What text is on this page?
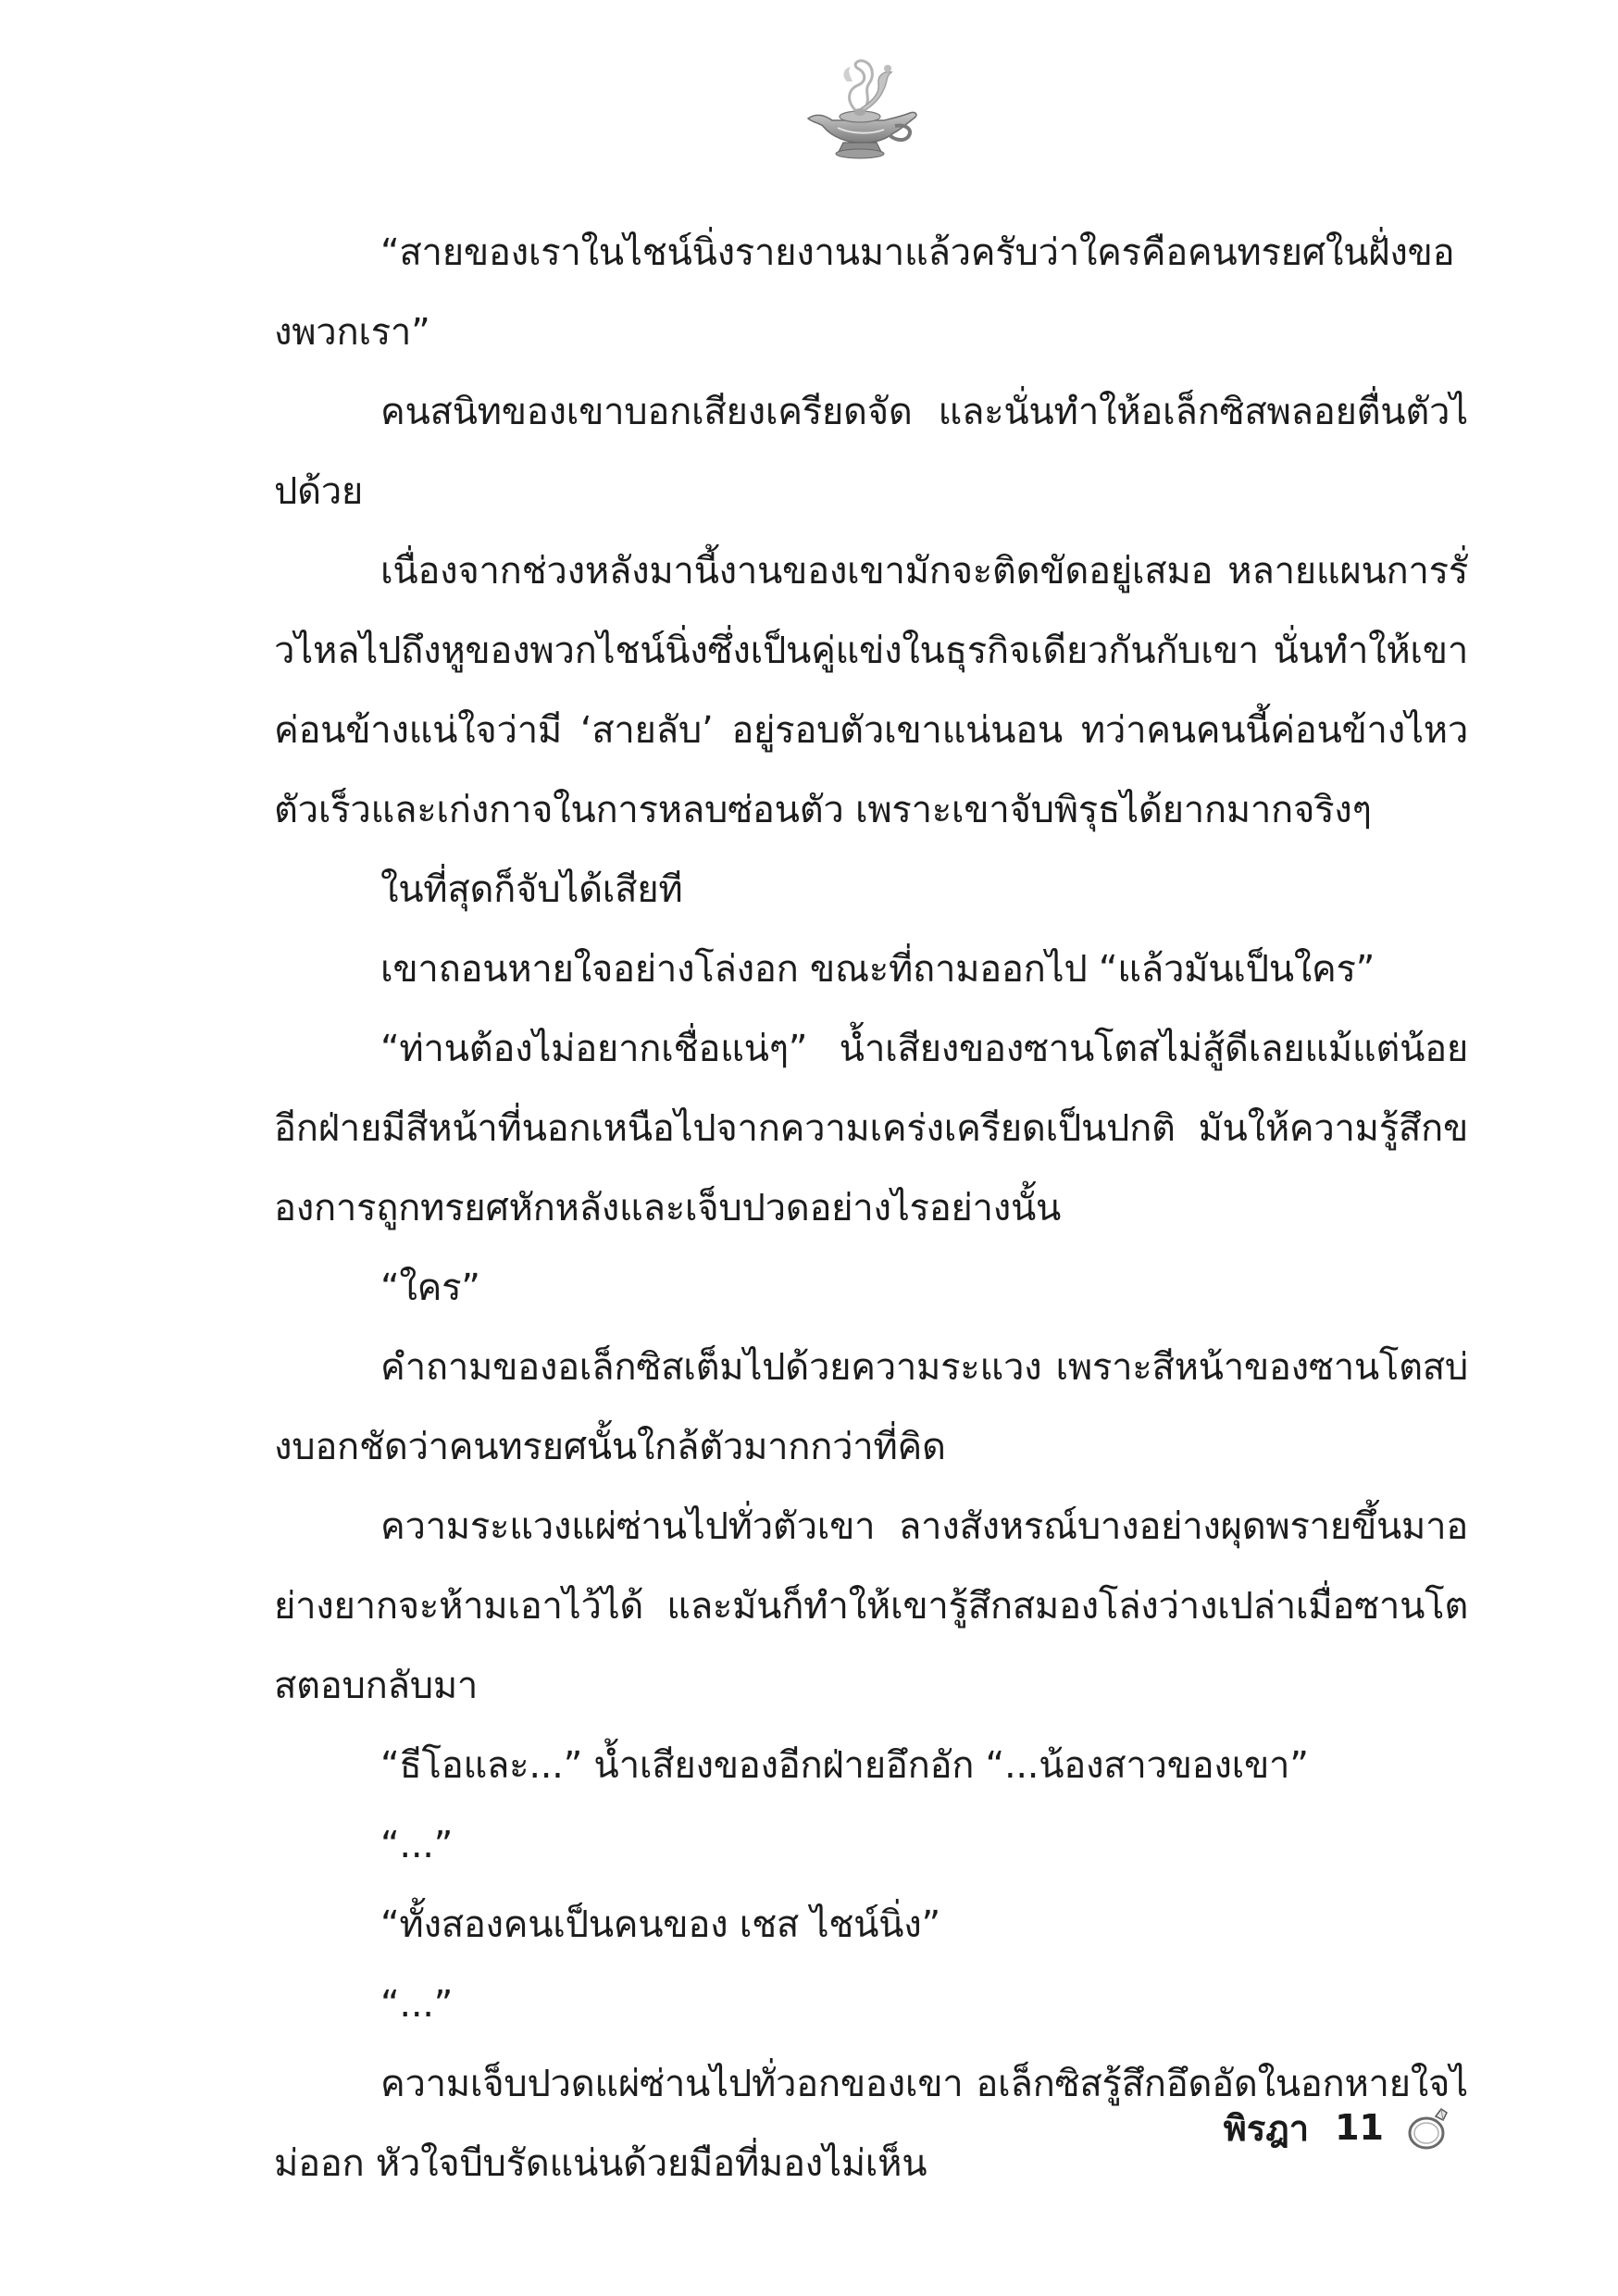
“สายของเราในไชน์นิ่งรายงานมาแล้วครับว่าใครคือคนทรยศในฝั่งของพวกเรา”

คนสนิทของเขาบอกเสียงเครียดจัด และนั่นทำให้อเล็กซิสพลอยตื่นตัวไปด้วย

เนื่องจากช่วงหลังมานี้งานของเขามักจะติดขัดอยู่เสมอ หลายแผนการรั่วไหลไปถึงหูของพวกไชน์นิ่งซึ่งเป็นคู่แข่งในธุรกิจเดียวกันกับเขา นั่นทำให้เขาค่อนข้างแน่ใจว่ามี ‘สายลับ’ อยู่รอบตัวเขาแน่นอน ทว่าคนคนนี้ค่อนข้างไหวตัวเร็วและเก่งกาจในการหลบซ่อนตัว เพราะเขาจับพิรุธได้ยากมากจริงๆ

ในที่สุดก็จับได้เสียที

เขาถอนหายใจอย่างโล่งอก ขณะที่ถามออกไป “แล้วมันเป็นใคร”

“ท่านต้องไม่อยากเชื่อแน่ๆ” น้ำเสียงของซานโตสไม่สู้ดีเลยแม้แต่น้อย อีกฝ่ายมีสีหน้าที่นอกเหนือไปจากความเคร่งเครียดเป็นปกติ มันให้ความรู้สึกของการถูกทรยศหักหลังและเจ็บปวดอย่างไรอย่างนั้น

“ใคร”

คำถามของอเล็กซิสเต็มไปด้วยความระแวง เพราะสีหน้าของซานโตสบ่งบอกชัดว่าคนทรยศนั้นใกล้ตัวมากกว่าที่คิด

ความระแวงแผ่ซ่านไปทั่วตัวเขา ลางสังหรณ์บางอย่างผุดพรายขึ้นมาอย่างยากจะห้ามเอาไว้ได้ และมันก็ทำให้เขารู้สึกสมองโล่งว่างเปล่าเมื่อซานโตสตอบกลับมา

“ธีโอและ...” น้ำเสียงของอีกฝ่ายอึกอัก “...น้องสาวของเขา”

“...”

“ทั้งสองคนเป็นคนของ เชส ไชน์นิ่ง”

“...”

ความเจ็บปวดแผ่ซ่านไปทั่วอกของเขา อเล็กซิสรู้สึกอึดอัดในอกหายใจไม่ออก หัวใจบีบรัดแน่นด้วยมือที่มองไม่เห็น

พิรฎา 11
